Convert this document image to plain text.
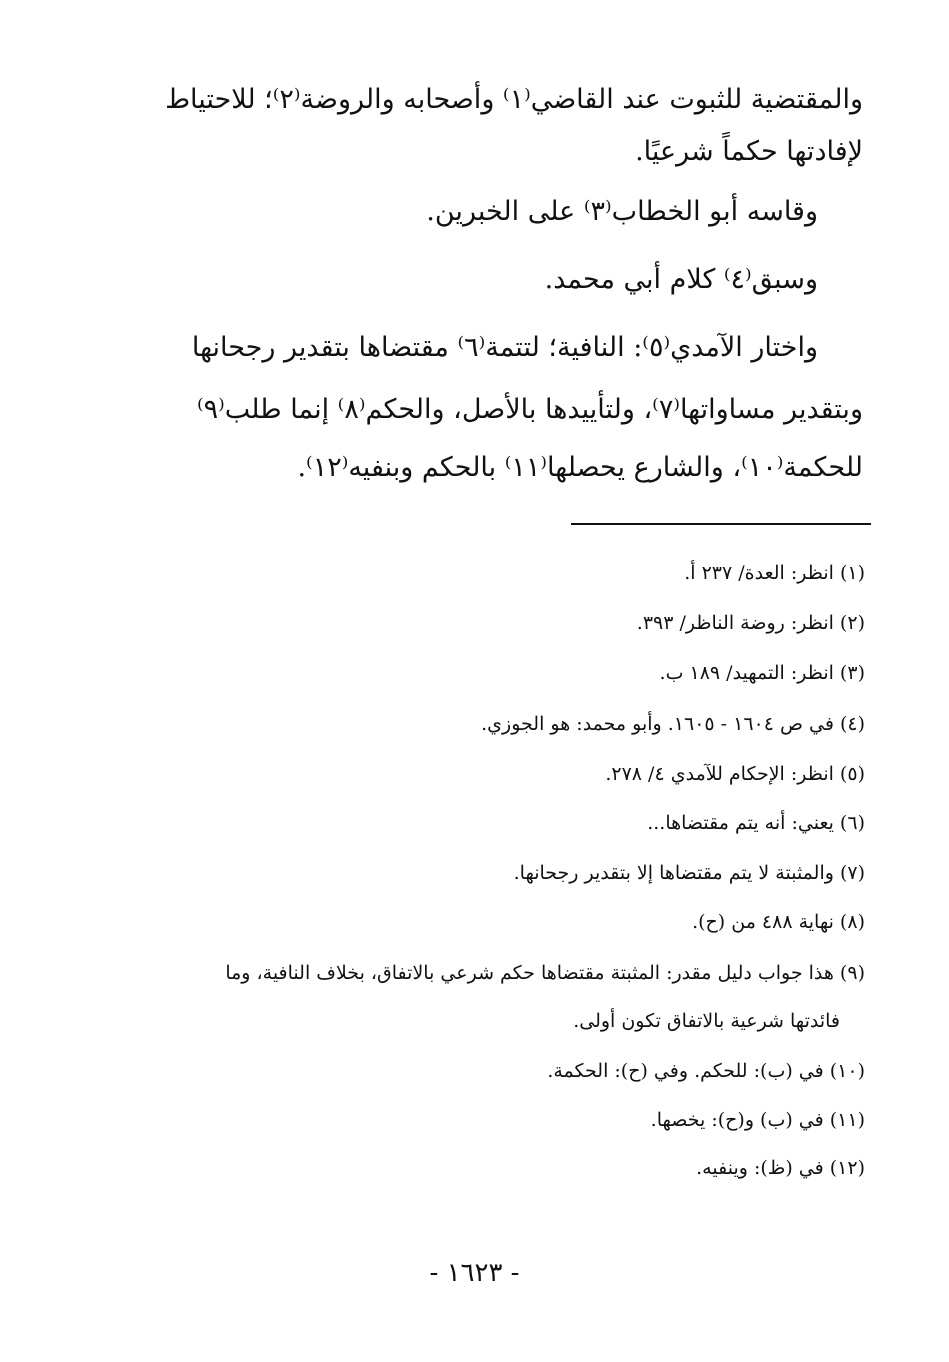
والمقتضية للثبوت عند القاضي⁽١⁾ وأصحابه والروضة⁽٢⁾؛ للاحتياط
لإفادتها حكماً شرعيًا.
وقاسه أبو الخطاب⁽٣⁾ على الخبرين.
وسبق⁽٤⁾ كلام أبي محمد.
واختار الآمدي⁽٥⁾: النافية؛ لتتمة⁽٦⁾ مقتضاها بتقدير رجحانها
وبتقدير مساواتها⁽٧⁾، ولتأييدها بالأصل، والحكم⁽٨⁾ إنما طلب⁽٩⁾
للحكمة⁽١٠⁾، والشارع يحصلها⁽١١⁾ بالحكم وبنفيه⁽١٢⁾.
(١) انظر: العدة/ ٢٣٧ أ.
(٢) انظر: روضة الناظر/ ٣٩٣.
(٣) انظر: التمهيد/ ١٨٩ ب.
(٤) في ص ١٦٠٤ - ١٦٠٥. وأبو محمد: هو الجوزي.
(٥) انظر: الإحكام للآمدي ٤/ ٢٧٨.
(٦) يعني: أنه يتم مقتضاها...
(٧) والمثبتة لا يتم مقتضاها إلا بتقدير رجحانها.
(٨) نهاية ٤٨٨ من (ح).
(٩) هذا جواب دليل مقدر: المثبتة مقتضاها حكم شرعي بالاتفاق، بخلاف النافية، وما
فائدتها شرعية بالاتفاق تكون أولى.
(١٠) في (ب): للحكم. وفي (ح): الحكمة.
(١١) في (ب) و(ح): يخصها.
(١٢) في (ظ): وينفيه.
- ١٦٢٣ -
